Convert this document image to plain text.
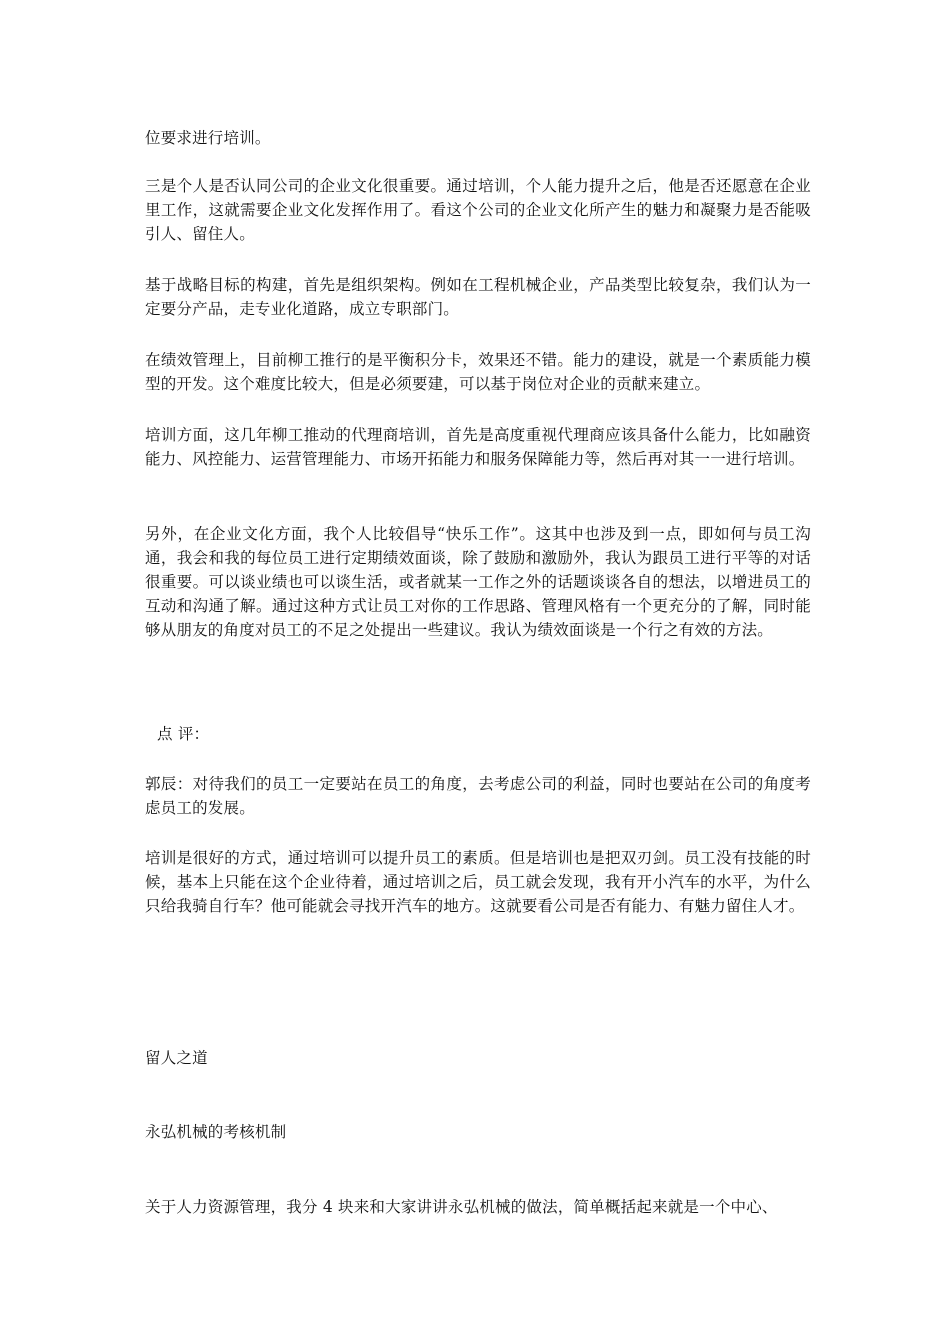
位要求进行培训。

三是个人是否认同公司的企业文化很重要。通过培训，个人能力提升之后，他是否还愿意在企业里工作，这就需要企业文化发挥作用了。看这个公司的企业文化所产生的魅力和凝聚力是否能吸引人、留住人。

基于战略目标的构建，首先是组织架构。例如在工程机械企业，产品类型比较复杂，我们认为一定要分产品，走专业化道路，成立专职部门。

在绩效管理上，目前柳工推行的是平衡积分卡，效果还不错。能力的建设，就是一个素质能力模型的开发。这个难度比较大，但是必须要建，可以基于岗位对企业的贡献来建立。

培训方面，这几年柳工推动的代理商培训，首先是高度重视代理商应该具备什么能力，比如融资能力、风控能力、运营管理能力、市场开拓能力和服务保障能力等，然后再对其一一进行培训。

另外，在企业文化方面，我个人比较倡导“快乐工作”。这其中也涉及到一点，即如何与员工沟通，我会和我的每位员工进行定期绩效面谈，除了鼓励和激励外，我认为跟员工进行平等的对话很重要。可以谈业绩也可以谈生活，或者就某一工作之外的话题谈谈各自的想法，以增进员工的互动和沟通了解。通过这种方式让员工对你的工作思路、管理风格有一个更充分的了解，同时能够从朋友的角度对员工的不足之处提出一些建议。我认为绩效面谈是一个行之有效的方法。

点 评：

郭辰：对待我们的员工一定要站在员工的角度，去考虑公司的利益，同时也要站在公司的角度考虑员工的发展。

培训是很好的方式，通过培训可以提升员工的素质。但是培训也是把双刃剑。员工没有技能的时候，基本上只能在这个企业待着，通过培训之后，员工就会发现，我有开小汽车的水平，为什么只给我骑自行车？他可能就会寻找开汽车的地方。这就要看公司是否有能力、有魅力留住人才。

留人之道

永弘机械的考核机制

关于人力资源管理，我分 4 块来和大家讲讲永弘机械的做法，简单概括起来就是一个中心、
